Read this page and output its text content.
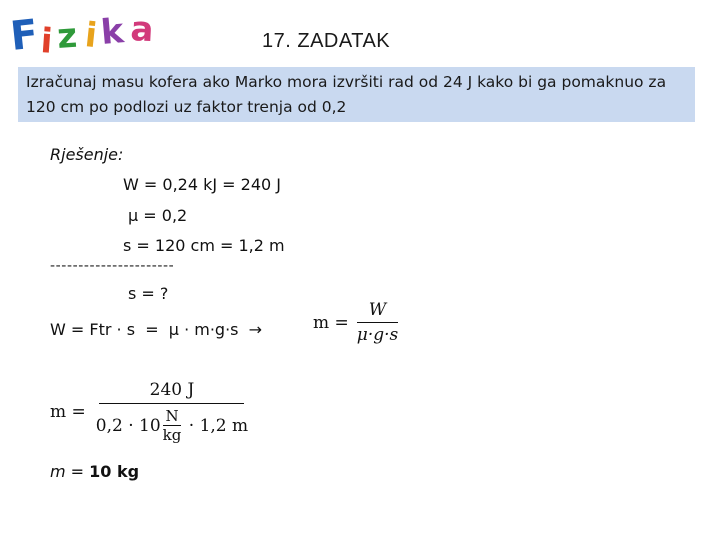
F i z i k a	17. ZADATAK
Izračunaj masu kofera ako Marko mora izvršiti rad od 24 J kako bi ga pomaknuo za 120 cm po podlozi uz faktor trenja od 0,2
Rješenje:
W = 0,24 kJ = 240 J
μ = 0,2
s = 120 cm = 1,2 m
----------------------
s = ?
W = Ftr · s  =  μ · m·g·s  →	$m = \frac{W}{\mu\cdot g\cdot s}$
m =
240 J
0,2 · 10 N
kg · 1,2 m
m = 10 kg
